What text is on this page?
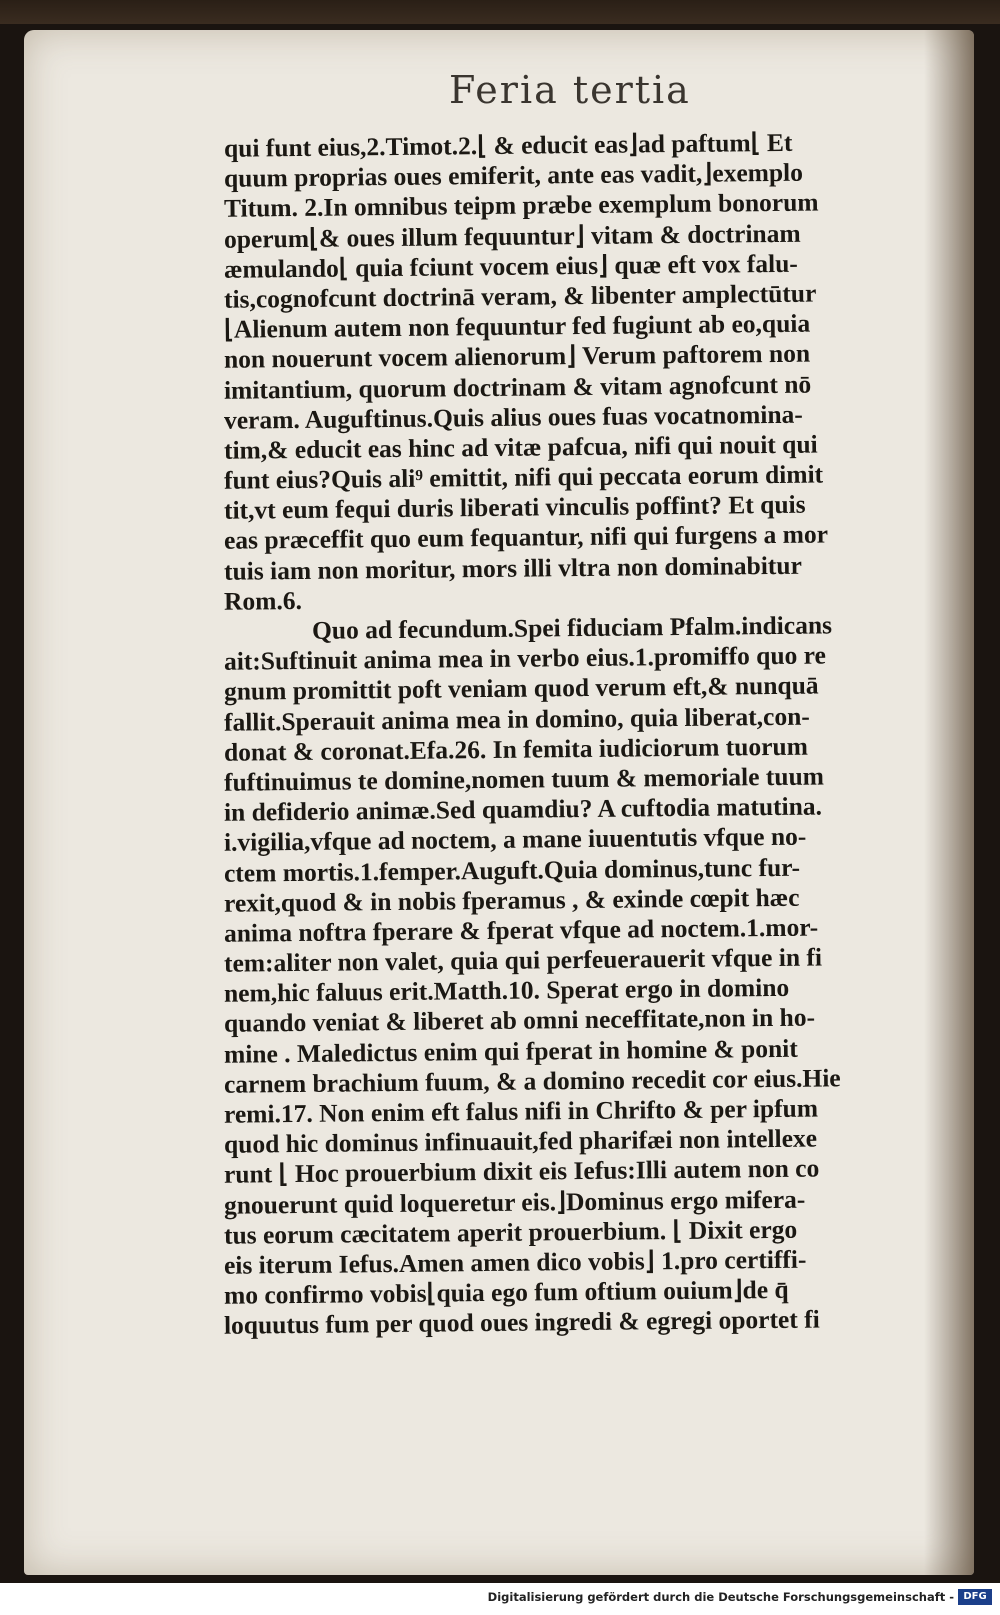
Feria tertia
qui funt eius,2.Timot.2.⌊ & educit eas⌋ad paftum⌊ Et
quum proprias oues emiferit, ante eas vadit,⌋exemplo
Titum. 2.In omnibus teipm præbe exemplum bonorum
operum⌊& oues illum fequuntur⌋ vitam & doctrinam
æmulando⌊ quia fciunt vocem eius⌋ quæ eft vox falu-
tis,cognofcunt doctrinā veram, & libenter amplectūtur
⌊Alienum autem non fequuntur fed fugiunt ab eo,quia
non nouerunt vocem alienorum⌋ Verum paftorem non
imitantium, quorum doctrinam & vitam agnofcunt nō
veram. Auguftinus.Quis alius oues fuas vocatnomina-
tim,& educit eas hinc ad vitæ pafcua, nifi qui nouit qui
funt eius?Quis ali⁹ emittit, nifi qui peccata eorum dimit
tit,vt eum fequi duris liberati vinculis poffint? Et quis
eas præceffit quo eum fequantur, nifi qui furgens a mor
tuis iam non moritur, mors illi vltra non dominabitur
Rom.6.
Quo ad fecundum.Spei fiduciam Pfalm.indicans
ait:Suftinuit anima mea in verbo eius.1.promiffo quo re
gnum promittit poft veniam quod verum eft,& nunquā
fallit.Sperauit anima mea in domino, quia liberat,con-
donat & coronat.Efa.26. In femita iudiciorum tuorum
fuftinuimus te domine,nomen tuum & memoriale tuum
in defiderio animæ.Sed quamdiu? A cuftodia matutina.
i.vigilia,vfque ad noctem, a mane iuuentutis vfque no-
ctem mortis.1.femper.Auguft.Quia dominus,tunc fur-
rexit,quod & in nobis fperamus , & exinde cœpit hæc
anima noftra fperare & fperat vfque ad noctem.1.mor-
tem:aliter non valet, quia qui perfeuerauerit vfque in fi
nem,hic faluus erit.Matth.10. Sperat ergo in domino
quando veniat & liberet ab omni neceffitate,non in ho-
mine . Maledictus enim qui fperat in homine & ponit
carnem brachium fuum, & a domino recedit cor eius.Hie
remi.17. Non enim eft falus nifi in Chrifto & per ipfum
quod hic dominus infinuauit,fed pharifæi non intellexe
runt ⌊ Hoc prouerbium dixit eis Iefus:Illi autem non co
gnouerunt quid loqueretur eis.⌋Dominus ergo mifera-
tus eorum cæcitatem aperit prouerbium. ⌊ Dixit ergo
eis iterum Iefus.Amen amen dico vobis⌋ 1.pro certiffi-
mo confirmo vobis⌊quia ego fum oftium ouium⌋de q̄
loquutus fum per quod oues ingredi & egregi oportet fi
Digitalisierung gefördert durch die Deutsche Forschungsgemeinschaft - DFG
